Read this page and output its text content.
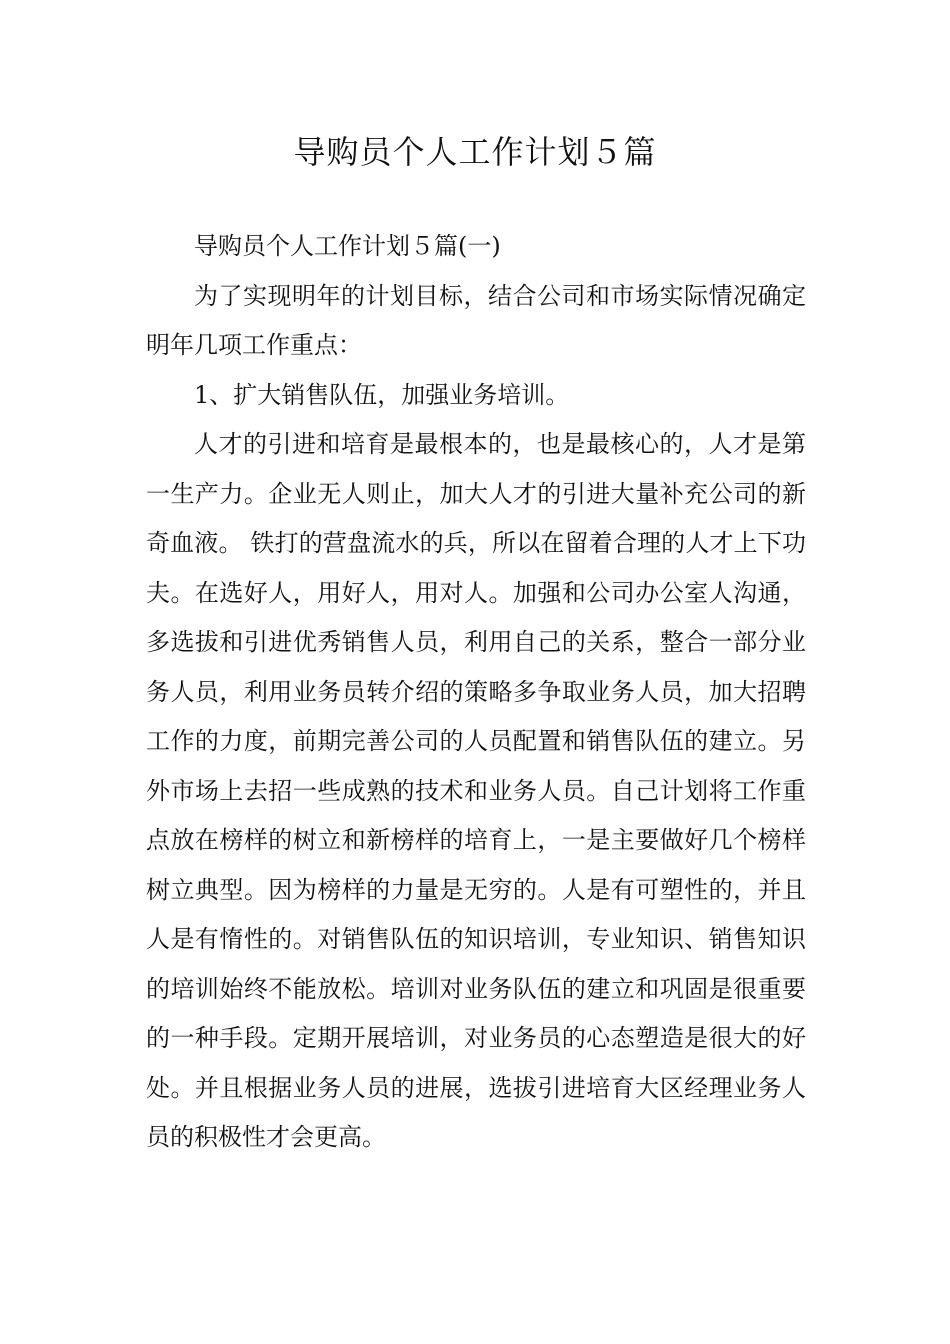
导购员个人工作计划５篇

导购员个人工作计划５篇(一)

为了实现明年的计划目标，结合公司和市场实际情况确定明年几项工作重点：

1、扩大销售队伍，加强业务培训。

人才的引进和培育是最根本的，也是最核心的，人才是第一生产力。企业无人则止，加大人才的引进大量补充公司的新奇血液。 铁打的营盘流水的兵，所以在留着合理的人才上下功夫。在选好人，用好人，用对人。加强和公司办公室人沟通，多选拔和引进优秀销售人员，利用自己的关系，整合一部分业务人员，利用业务员转介绍的策略多争取业务人员，加大招聘工作的力度，前期完善公司的人员配置和销售队伍的建立。另外市场上去招一些成熟的技术和业务人员。自己计划将工作重点放在榜样的树立和新榜样的培育上，一是主要做好几个榜样树立典型。因为榜样的力量是无穷的。人是有可塑性的，并且人是有惰性的。对销售队伍的知识培训，专业知识、销售知识的培训始终不能放松。培训对业务队伍的建立和巩固是很重要的一种手段。定期开展培训，对业务员的心态塑造是很大的好处。并且根据业务人员的进展，选拔引进培育大区经理业务人员的积极性才会更高。
